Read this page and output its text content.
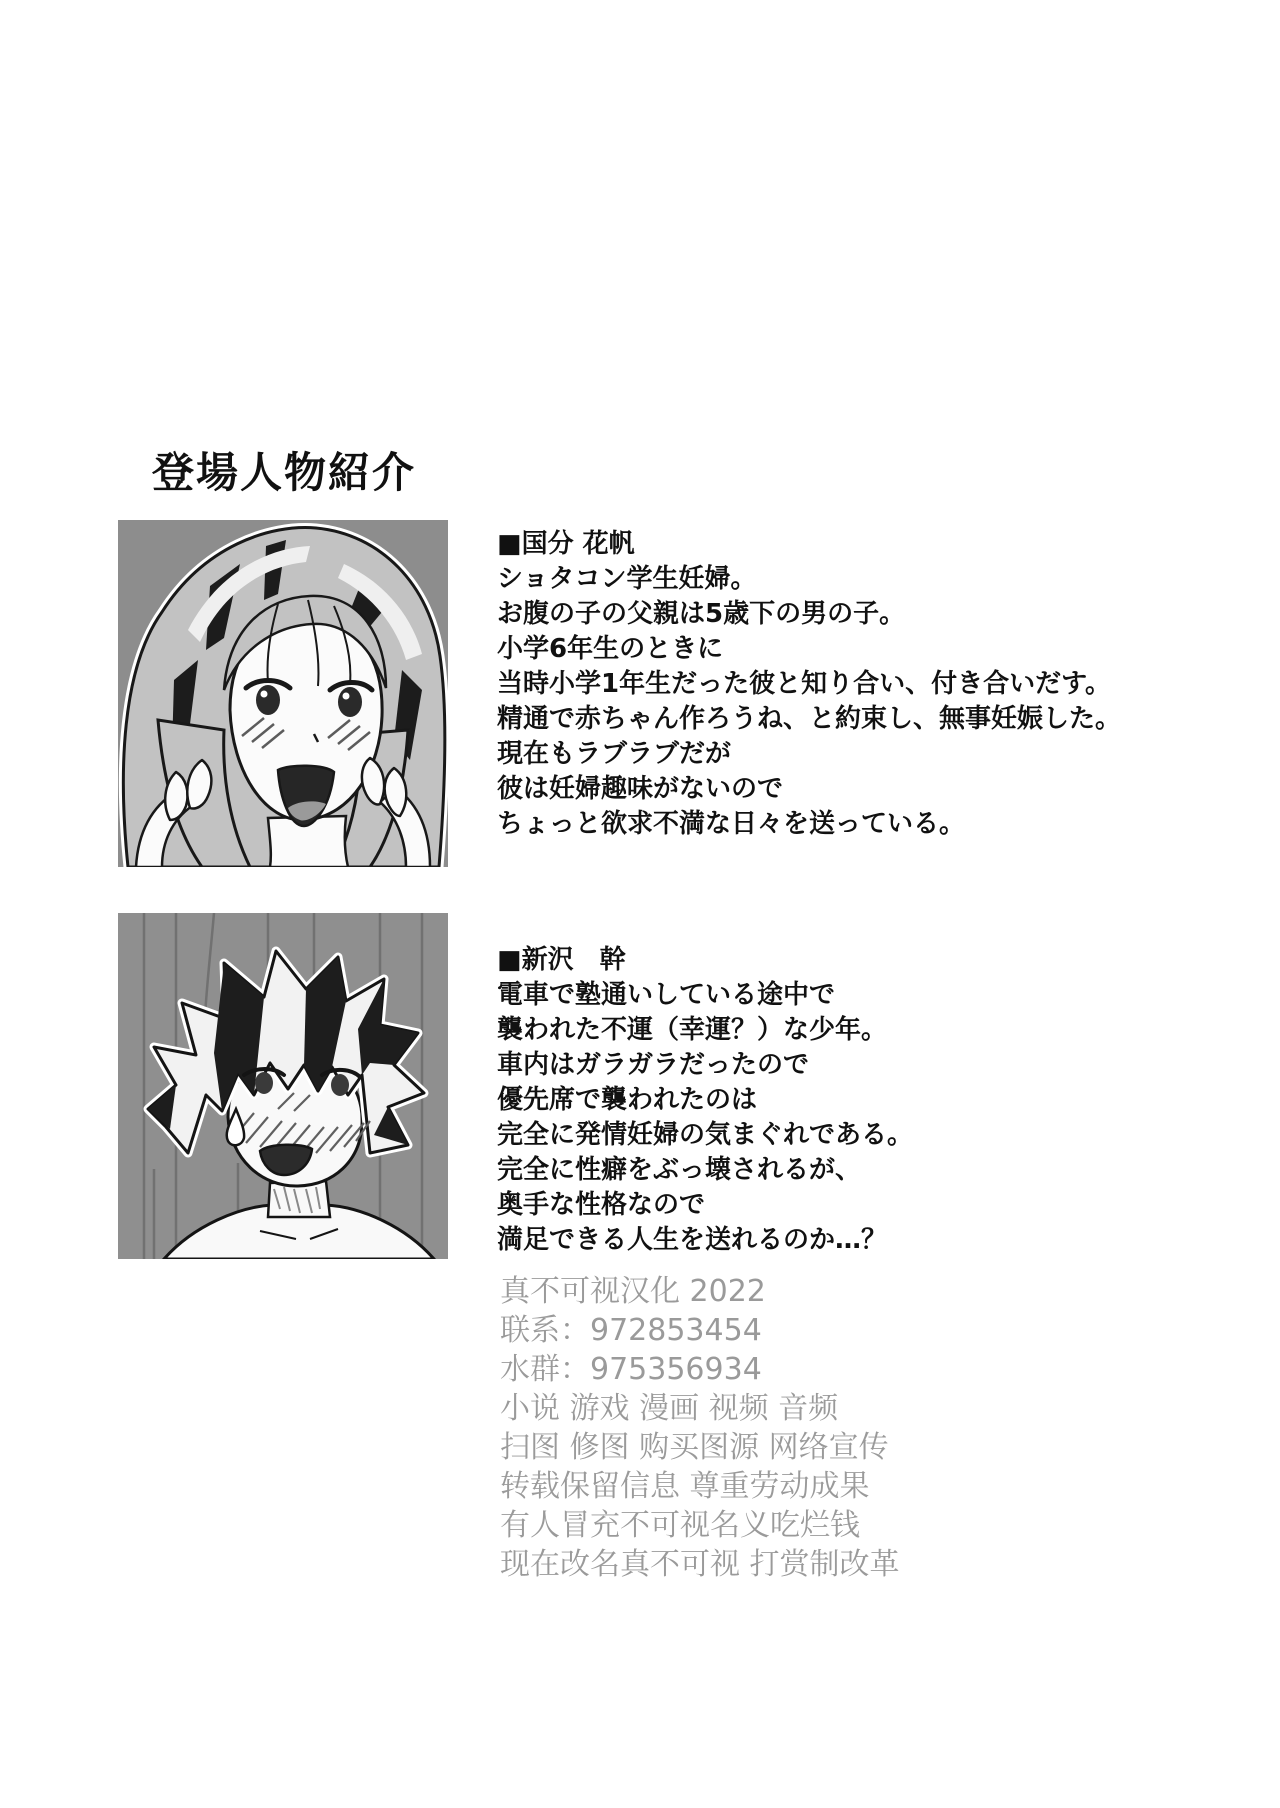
登場人物紹介
■国分 花帆
ショタコン学生妊婦。
お腹の子の父親は5歳下の男の子。
小学6年生のときに
当時小学1年生だった彼と知り合い、付き合いだす。
精通で赤ちゃん作ろうね、と約束し、無事妊娠した。
現在もラブラブだが
彼は妊婦趣味がないので
ちょっと欲求不満な日々を送っている。
■新沢　幹
電車で塾通いしている途中で
襲われた不運（幸運？）な少年。
車内はガラガラだったので
優先席で襲われたのは
完全に発情妊婦の気まぐれである。
完全に性癖をぶっ壊されるが、
奥手な性格なので
満足できる人生を送れるのか…？
真不可视汉化 2022
联系：972853454
水群：975356934
小说 游戏 漫画 视频 音频
扫图 修图 购买图源 网络宣传
转载保留信息 尊重劳动成果
有人冒充不可视名义吃烂钱
现在改名真不可视 打赏制改革
